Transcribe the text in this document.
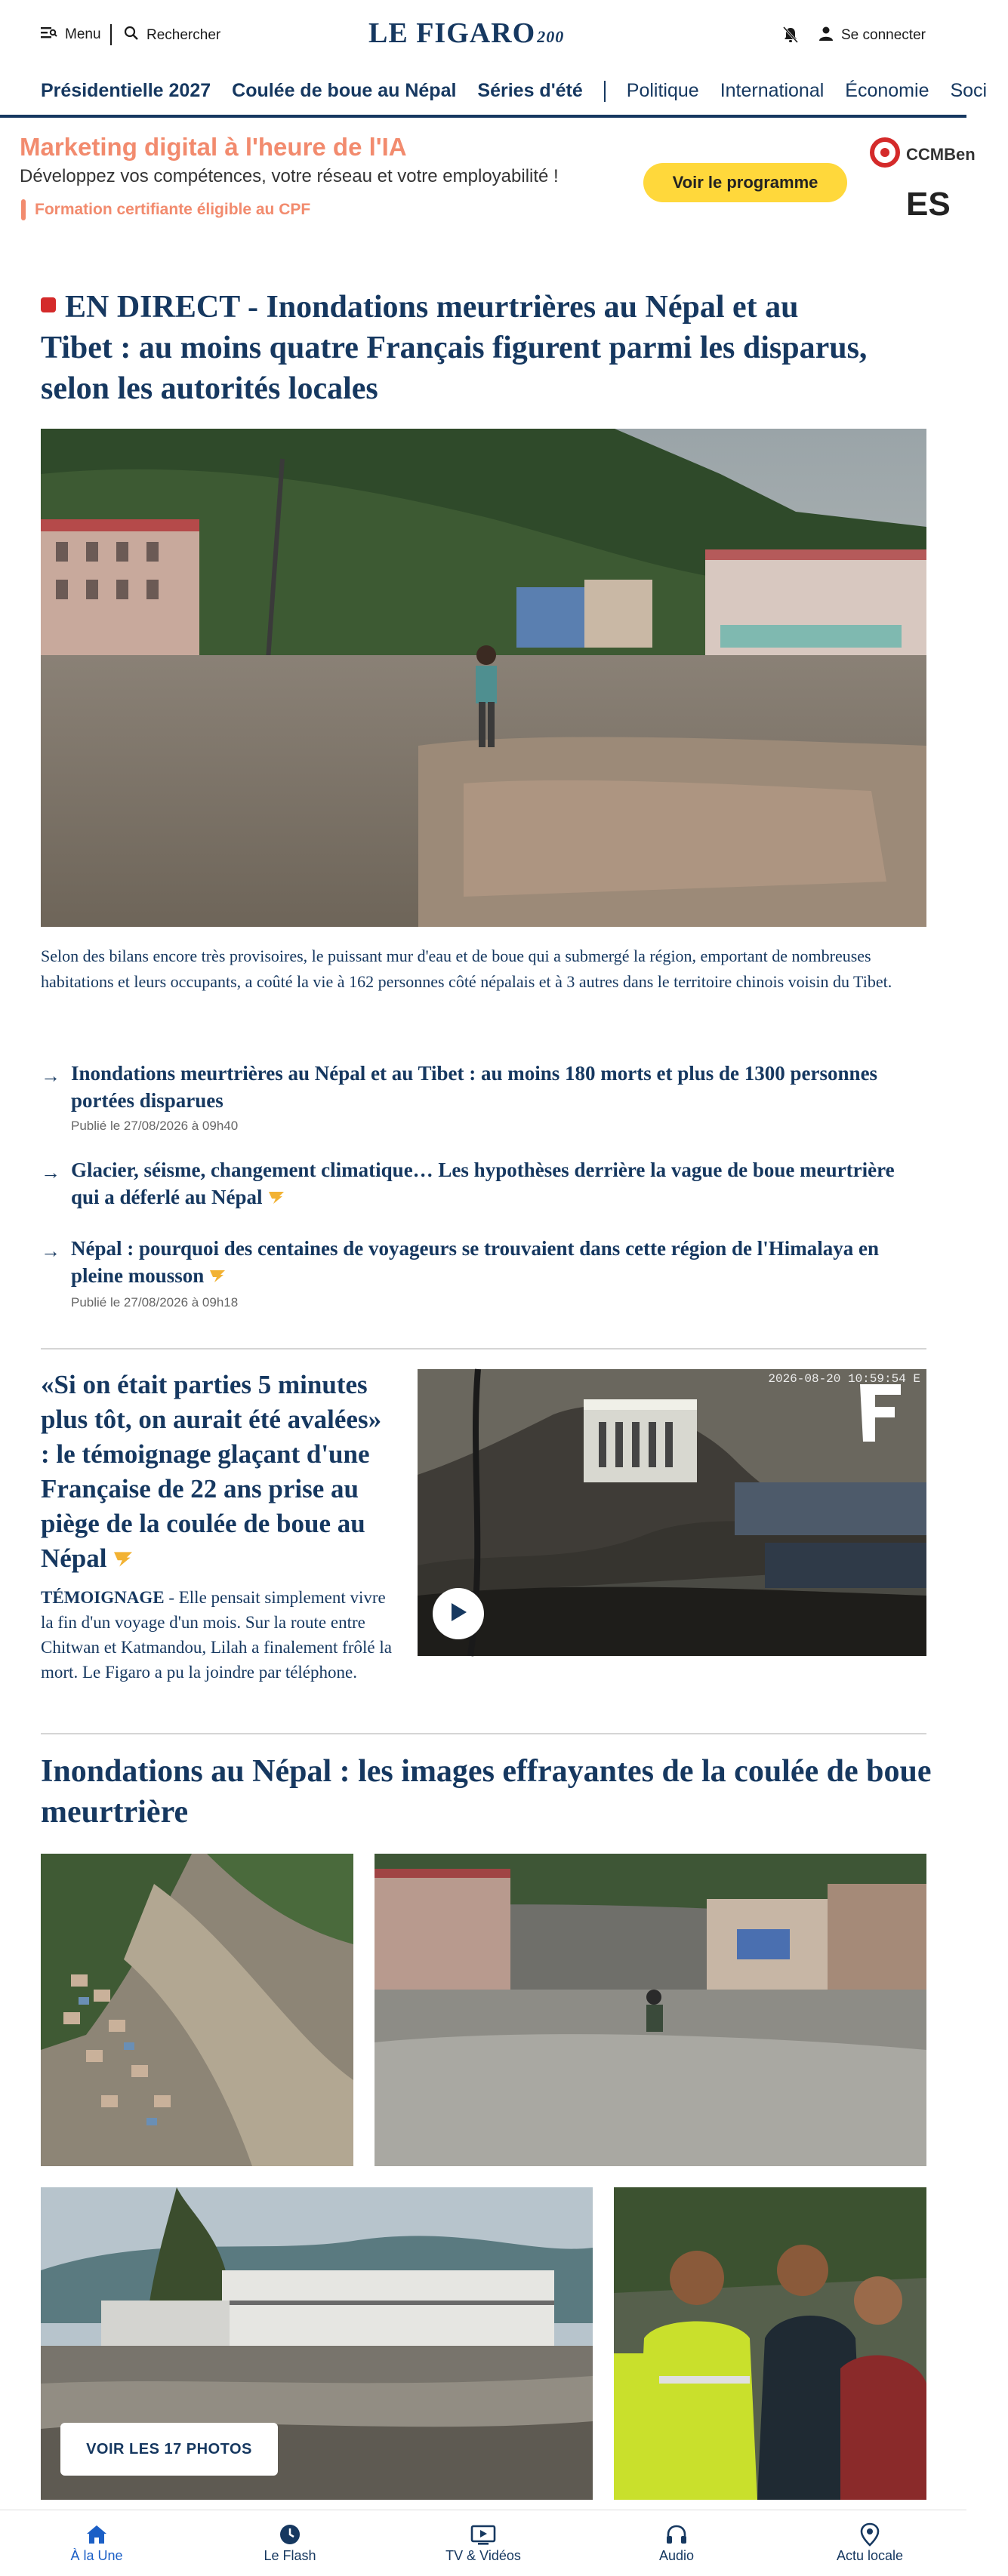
Menu	Rechercher	LE FIGARO200	Se connecter
Présidentielle 2027 Coulée de boue au Népal Séries d'été Politique International Économie Soci
Marketing digital à l'heure de l'IA
Développez vos compétences, votre réseau et votre employabilité !
Formation certifiante éligible au CPF
Voir le programme
CCMBen
ES
EN DIRECT - Inondations meurtrières au Népal et au Tibet : au moins quatre Français figurent parmi les disparus, selon les autorités locales

Selon des bilans encore très provisoires, le puissant mur d'eau et de boue qui a submergé la région, emportant de nombreuses habitations et leurs occupants, a coûté la vie à 162 personnes côté népalais et à 3 autres dans le territoire chinois voisin du Tibet.

→ Inondations meurtrières au Népal et au Tibet : au moins 180 morts et plus de 1300 personnes portées disparues
Publié le 27/08/2026 à 09h40
→ Glacier, séisme, changement climatique… Les hypothèses derrière la vague de boue meurtrière qui a déferlé au Népal
→ Népal : pourquoi des centaines de voyageurs se trouvaient dans cette région de l'Himalaya en pleine mousson
Publié le 27/08/2026 à 09h18
«Si on était parties 5 minutes plus tôt, on aurait été avalées» : le témoignage glaçant d'une Française de 22 ans prise au piège de la coulée de boue au Népal

TÉMOIGNAGE - Elle pensait simplement vivre la fin d'un voyage d'un mois. Sur la route entre Chitwan et Katmandou, Lilah a finalement frôlé la mort. Le Figaro a pu la joindre par téléphone.

2026-08-20 10:59:54 E
Inondations au Népal : les images effrayantes de la coulée de boue meurtrière
VOIR LES 17 PHOTOS
À la Une	Le Flash	TV & Vidéos	Audio	Actu locale
